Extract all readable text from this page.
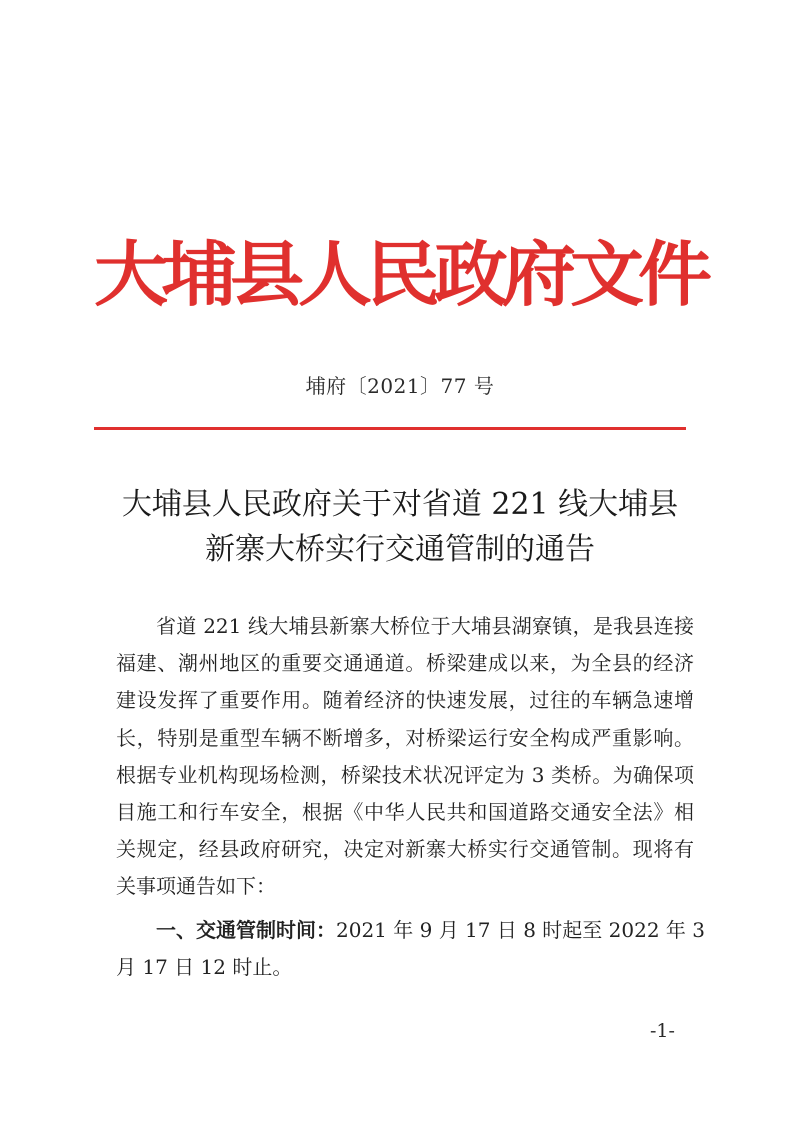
大埔县人民政府文件
埔府〔2021〕77 号
大埔县人民政府关于对省道 221 线大埔县
新寨大桥实行交通管制的通告
省道 221 线大埔县新寨大桥位于大埔县湖寮镇，是我县连接
福建、潮州地区的重要交通通道。桥梁建成以来，为全县的经济
建设发挥了重要作用。随着经济的快速发展，过往的车辆急速增
长，特别是重型车辆不断增多，对桥梁运行安全构成严重影响。
根据专业机构现场检测，桥梁技术状况评定为 3 类桥。为确保项
目施工和行车安全，根据《中华人民共和国道路交通安全法》相
关规定，经县政府研究，决定对新寨大桥实行交通管制。现将有
关事项通告如下：
一、交通管制时间：2021 年 9 月 17 日 8 时起至 2022 年 3
月 17 日 12 时止。
-1-
